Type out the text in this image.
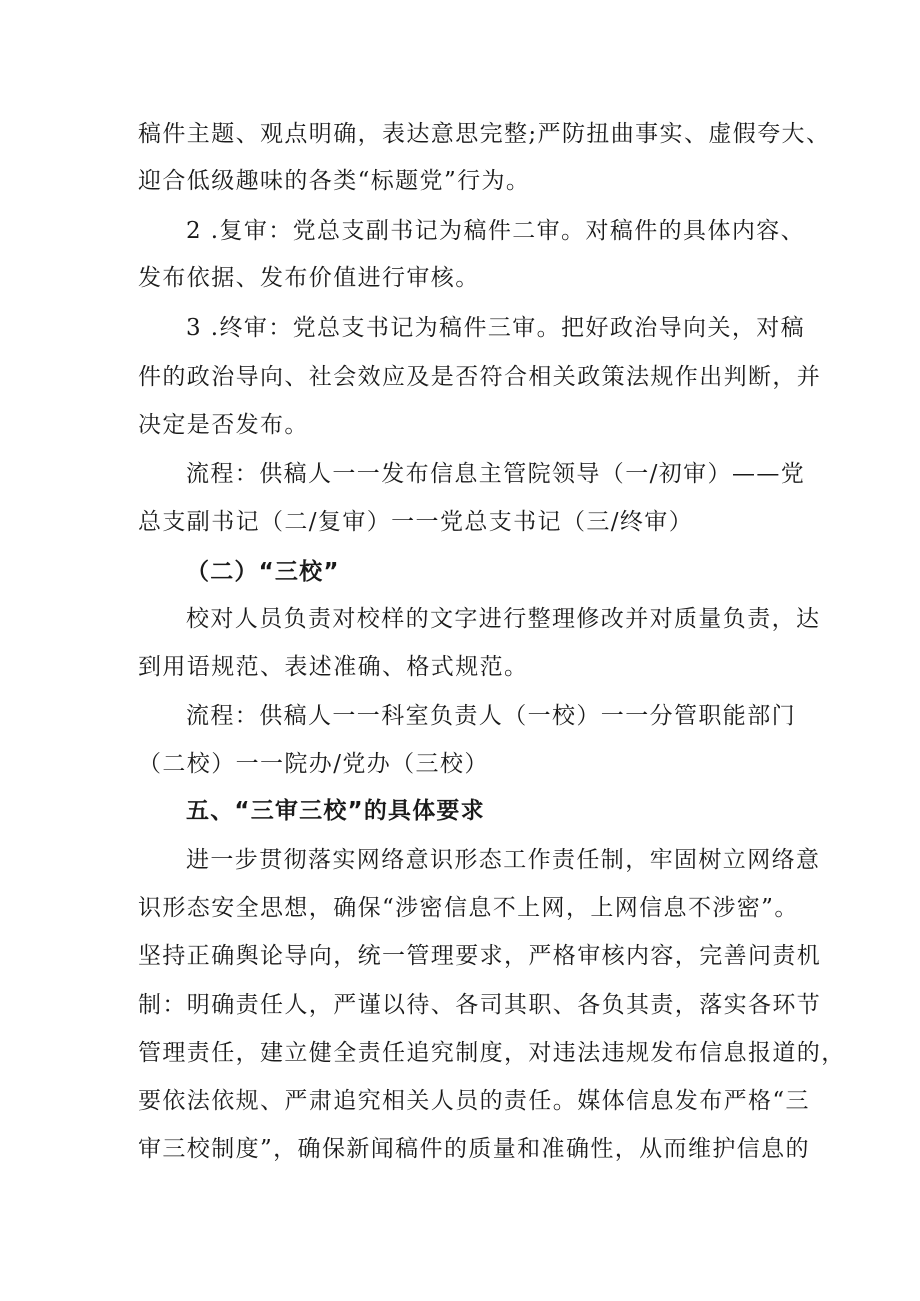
稿件主题、观点明确，表达意思完整;严防扭曲事实、虚假夸大、
迎合低级趣味的各类“标题党”行为。
2 .复审：党总支副书记为稿件二审。对稿件的具体内容、
发布依据、发布价值进行审核。
3 .终审：党总支书记为稿件三审。把好政治导向关，对稿
件的政治导向、社会效应及是否符合相关政策法规作出判断，并
决定是否发布。
流程：供稿人一一发布信息主管院领导（一/初审）——党
总支副书记（二/复审）一一党总支书记（三/终审）
（二）“三校”
校对人员负责对校样的文字进行整理修改并对质量负责，达
到用语规范、表述准确、格式规范。
流程：供稿人一一科室负责人（一校）一一分管职能部门
（二校）一一院办/党办（三校）
五、“三审三校”的具体要求
进一步贯彻落实网络意识形态工作责任制，牢固树立网络意
识形态安全思想，确保“涉密信息不上网，上网信息不涉密”。
坚持正确舆论导向，统一管理要求，严格审核内容，完善问责机
制：明确责任人，严谨以待、各司其职、各负其责，落实各环节
管理责任，建立健全责任追究制度，对违法违规发布信息报道的，
要依法依规、严肃追究相关人员的责任。媒体信息发布严格“三
审三校制度”，确保新闻稿件的质量和准确性，从而维护信息的
